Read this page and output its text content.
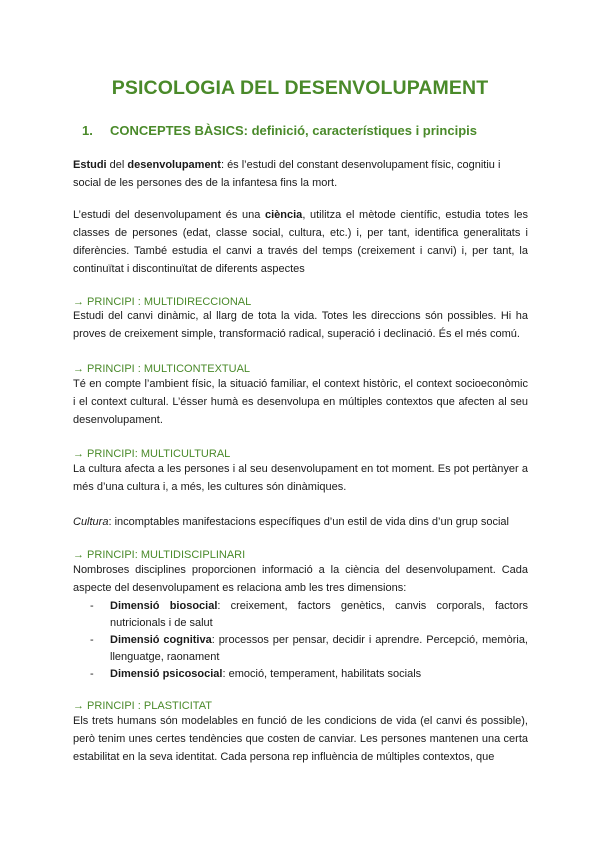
PSICOLOGIA DEL DESENVOLUPAMENT
1. CONCEPTES BÀSICS: definició, característiques i principis

Estudi del desenvolupament: és l’estudi del constant desenvolupament físic, cognitiu i social de les persones des de la infantesa fins la mort.

L’estudi del desenvolupament és una ciència, utilitza el mètode científic, estudia totes les classes de persones (edat, classe social, cultura, etc.) i, per tant, identifica generalitats i diferències. També estudia el canvi a través del temps (creixement i canvi) i, per tant, la continuïtat i discontinuïtat de diferents aspectes

→ PRINCIPI : MULTIDIRECCIONAL

Estudi del canvi dinàmic, al llarg de tota la vida. Totes les direccions són possibles. Hi ha proves de creixement simple, transformació radical, superació i declinació. És el més comú.

→ PRINCIPI : MULTICONTEXTUAL

Té en compte l’ambient físic, la situació familiar, el context històric, el context socioeconòmic i el context cultural. L’ésser humà es desenvolupa en múltiples contextos que afecten al seu desenvolupament.

→ PRINCIPI: MULTICULTURAL

La cultura afecta a les persones i al seu desenvolupament en tot moment. Es pot pertànyer a més d’una cultura i, a més, les cultures són dinàmiques.

Cultura: incomptables manifestacions específiques d’un estil de vida dins d’un grup social

→ PRINCIPI: MULTIDISCIPLINARI

Nombroses disciplines proporcionen informació a la ciència del desenvolupament. Cada aspecte del desenvolupament es relaciona amb les tres dimensions:

- Dimensió biosocial: creixement, factors genètics, canvis corporals, factors nutricionals i de salut
- Dimensió cognitiva: processos per pensar, decidir i aprendre. Percepció, memòria, llenguatge, raonament
- Dimensió psicosocial: emoció, temperament, habilitats socials

→ PRINCIPI : PLASTICITAT

Els trets humans són modelables en funció de les condicions de vida (el canvi és possible), però tenim unes certes tendències que costen de canviar. Les persones mantenen una certa estabilitat en la seva identitat. Cada persona rep influència de múltiples contextos, que
